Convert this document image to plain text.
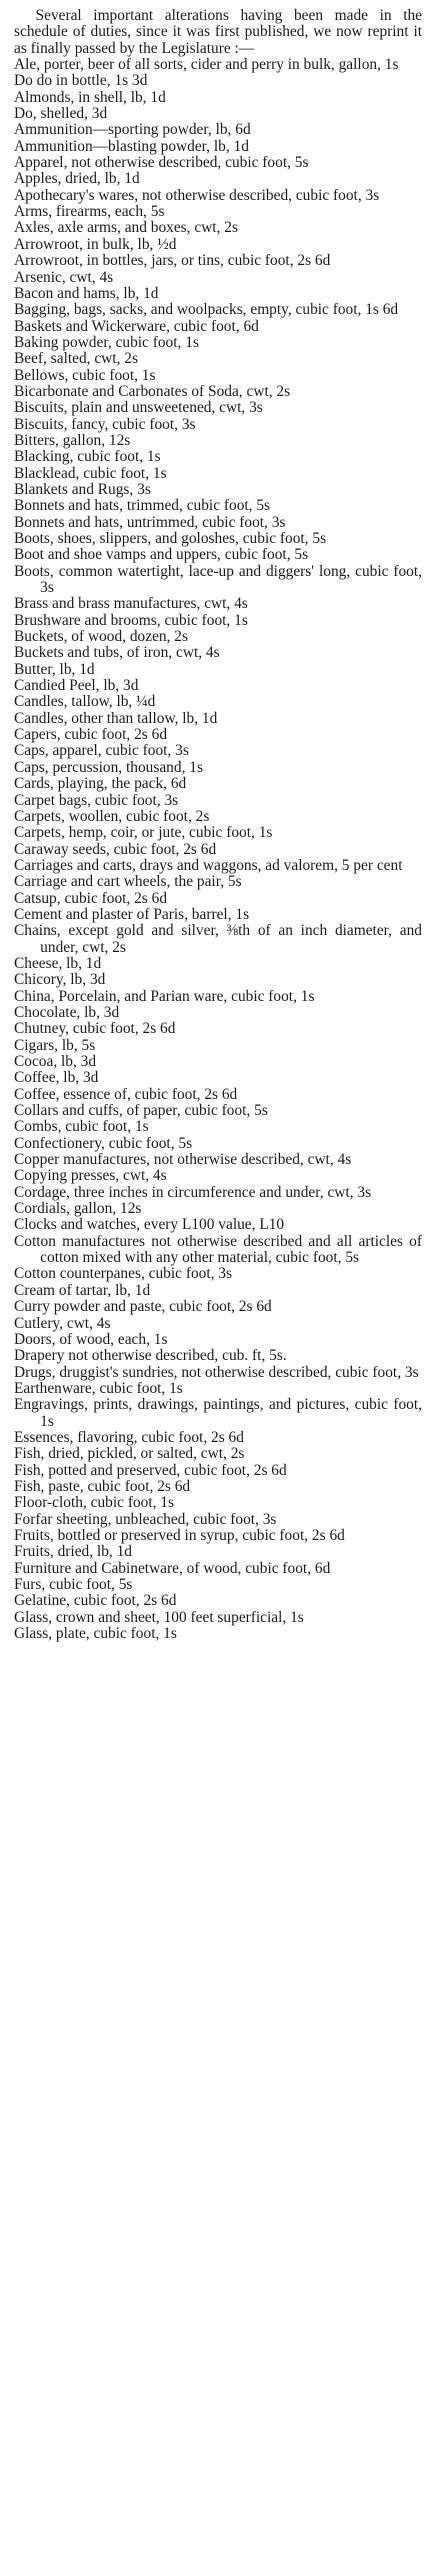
Several important alterations having been made in the schedule of duties, since it was first published, we now reprint it as finally passed by the Legislature :—

Ale, porter, beer of all sorts, cider and perry in bulk, gallon, 1s
Do do in bottle, 1s 3d
Almonds, in shell, lb, 1d
Do, shelled, 3d
Ammunition—sporting powder, lb, 6d
Ammunition—blasting powder, lb, 1d
Apparel, not otherwise described, cubic foot, 5s
Apples, dried, lb, 1d
Apothecary's wares, not otherwise described, cubic foot, 3s
Arms, firearms, each, 5s
Axles, axle arms, and boxes, cwt, 2s
Arrowroot, in bulk, lb, ½d
Arrowroot, in bottles, jars, or tins, cubic foot, 2s 6d
Arsenic, cwt, 4s
Bacon and hams, lb, 1d
Bagging, bags, sacks, and woolpacks, empty, cubic foot, 1s 6d
Baskets and Wickerware, cubic foot, 6d
Baking powder, cubic foot, 1s
Beef, salted, cwt, 2s
Bellows, cubic foot, 1s
Bicarbonate and Carbonates of Soda, cwt, 2s
Biscuits, plain and unsweetened, cwt, 3s
Biscuits, fancy, cubic foot, 3s
Bitters, gallon, 12s
Blacking, cubic foot, 1s
Blacklead, cubic foot, 1s
Blankets and Rugs, 3s
Bonnets and hats, trimmed, cubic foot, 5s
Bonnets and hats, untrimmed, cubic foot, 3s
Boots, shoes, slippers, and goloshes, cubic foot, 5s
Boot and shoe vamps and uppers, cubic foot, 5s
Boots, common watertight, lace-up and diggers' long, cubic foot, 3s
Brass and brass manufactures, cwt, 4s
Brushware and brooms, cubic foot, 1s
Buckets, of wood, dozen, 2s
Buckets and tubs, of iron, cwt, 4s
Butter, lb, 1d
Candied Peel, lb, 3d
Candles, tallow, lb, ¼d
Candles, other than tallow, lb, 1d
Capers, cubic foot, 2s 6d
Caps, apparel, cubic foot, 3s
Caps, percussion, thousand, 1s
Cards, playing, the pack, 6d
Carpet bags, cubic foot, 3s
Carpets, woollen, cubic foot, 2s
Carpets, hemp, coir, or jute, cubic foot, 1s
Caraway seeds, cubic foot, 2s 6d
Carriages and carts, drays and waggons, ad valorem, 5 per cent
Carriage and cart wheels, the pair, 5s
Catsup, cubic foot, 2s 6d
Cement and plaster of Paris, barrel, 1s
Chains, except gold and silver, ⅜th of an inch diameter, and under, cwt, 2s
Cheese, lb, 1d
Chicory, lb, 3d
China, Porcelain, and Parian ware, cubic foot, 1s
Chocolate, lb, 3d
Chutney, cubic foot, 2s 6d
Cigars, lb, 5s
Cocoa, lb, 3d
Coffee, lb, 3d
Coffee, essence of, cubic foot, 2s 6d
Collars and cuffs, of paper, cubic foot, 5s
Combs, cubic foot, 1s
Confectionery, cubic foot, 5s
Copper manufactures, not otherwise described, cwt, 4s
Copying presses, cwt, 4s
Cordage, three inches in circumference and under, cwt, 3s
Cordials, gallon, 12s
Clocks and watches, every L100 value, L10
Cotton manufactures not otherwise described and all articles of cotton mixed with any other material, cubic foot, 5s
Cotton counterpanes, cubic foot, 3s
Cream of tartar, lb, 1d
Curry powder and paste, cubic foot, 2s 6d
Cutlery, cwt, 4s
Doors, of wood, each, 1s
Drapery not otherwise described, cub. ft, 5s.
Drugs, druggist's sundries, not otherwise described, cubic foot, 3s
Earthenware, cubic foot, 1s
Engravings, prints, drawings, paintings, and pictures, cubic foot, 1s
Essences, flavoring, cubic foot, 2s 6d
Fish, dried, pickled, or salted, cwt, 2s
Fish, potted and preserved, cubic foot, 2s 6d
Fish, paste, cubic foot, 2s 6d
Floor-cloth, cubic foot, 1s
Forfar sheeting, unbleached, cubic foot, 3s
Fruits, bottled or preserved in syrup, cubic foot, 2s 6d
Fruits, dried, lb, 1d
Furniture and Cabinetware, of wood, cubic foot, 6d
Furs, cubic foot, 5s
Gelatine, cubic foot, 2s 6d
Glass, crown and sheet, 100 feet superficial, 1s
Glass, plate, cubic foot, 1s
